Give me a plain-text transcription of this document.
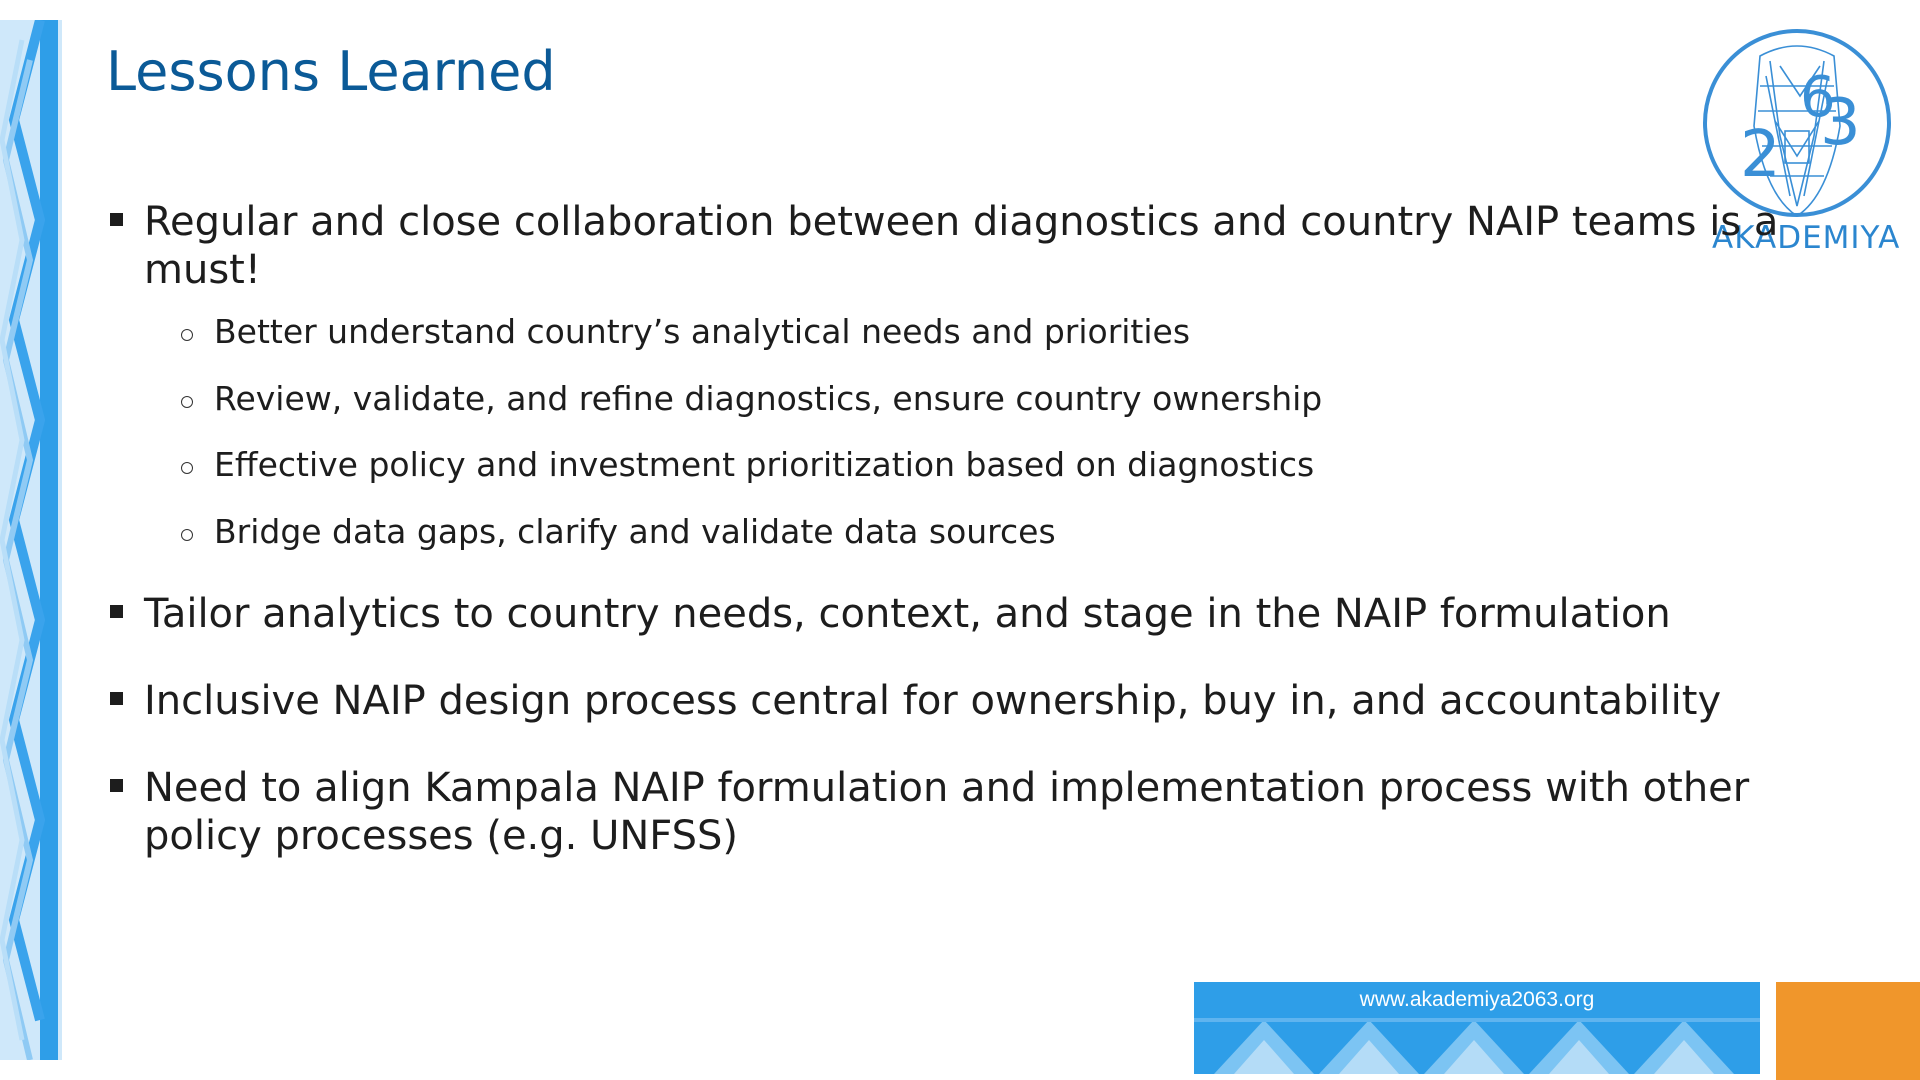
Lessons Learned
2 3
6
AKADEMIYA
Regular and close collaboration between diagnostics and country NAIP teams is a must!
Better understand country’s analytical needs and priorities
Review, validate, and refine diagnostics, ensure country ownership
Effective policy and investment prioritization based on diagnostics
Bridge data gaps, clarify and validate data sources
Tailor analytics to country needs, context, and stage in the NAIP formulation
Inclusive NAIP design process central for ownership, buy in, and accountability
Need to align Kampala NAIP formulation and implementation process with other policy processes (e.g. UNFSS)
www.akademiya2063.org
